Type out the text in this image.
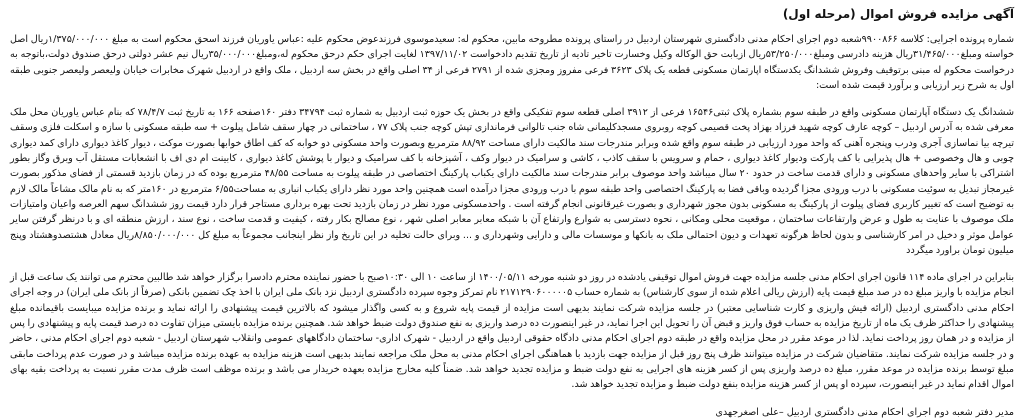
آگهی مزایده فروش اموال (مرحله اول)

شماره پرونده اجرایی: کلاسه ۹۹۰۰۸۶۶شعبه دوم اجرای احکام مدنی دادگستری شهرستان اردبیل در راستای پرونده مطروحه مابین، محکوم له: سعیدموسوی فرزندعوض محکوم علیه :عباس یاوریان فرزند اسحق محکوم است به مبلغ ۱/۳۷۵/۰۰۰/۰۰۰ریال اصل خواسته ومبلغ۳۱/۴۶۵/۰۰۰ریال هزینه دادرسی ومبلغ۵۳/۲۵۰/۰۰۰ریال ازبابت حق الوکاله وکیل وخسارت تاخیر تادیه از تاریخ تقدیم دادخواست ۱۳۹۷/۱۱/۰۲ لغایت اجرای حکم درحق محکوم له،ومبلغ۳۵/۰۰۰/۰۰۰ریال نیم عشر دولتی درحق صندوق دولت،باتوجه به درخواست محکوم له مبنی برتوقیف وفروش ششدانگ یکدستگاه اپارتمان مسکونی قطعه یک پلاک ۳۶۲۳ فرعی مفروز ومجزی شده از ۲۷۹۱ فرعی از ۳۴ اصلی واقع در بخش سه اردبیل ، ملک واقع در اردبیل شهرک مخابرات خیابان ولیعصر ولیعصر جنوبی طبقه اول به شرح زیر ارزیابی و برآورد قیمت شده است:

ششدانگ یک دستگاه آپارتمان مسکونی واقع در طبقه سوم بشماره پلاک ثبتی۱۶۵۴۶ فرعی از ۳۹۱۲ اصلی قطعه سوم تفکیکی واقع در بخش یک حوزه ثبت اردبیل به شماره ثبت ۳۴۷۹۴ دفتر ۱۶۰صفحه ۱۶۶ به تاریخ ثبت ۷۸/۴/۷ که بنام عباس یاوریان محل ملک معرفی شده به آدرس اردبیل – کوچه عارف کوچه شهید فرزاد بهزاد پخت قصیمی کوچه روبروی مسجدکلیمانی شاه جنب تالوانی فرماندازی تپش کوچه جنب پلاک ۷۷ ، ساختمانی در چهار سقف شامل پیلوت + سه طبقه مسکونی با سازه و اسکلت فلزی وسقف تیرچه بیا نماسازی آجری ودرب وپنجره آهنی که واحد مورد ارزیابی در طبقه سوم واقع شده وبرابر مندرجات سند مالکیت دارای مساحت ۸۸/۹۲ مترمربع وبصورت واحد مسکونی دو خوابه که کف اطاق خوابها بصورت موکت ، دیوار کاغذ دیواری دارای کمد دیواری چوبی و هال وخصوصی + هال پذیرایی با کف پارکت ودیوار کاغذ دیواری ، حمام و سرویس با سقف کاذب ، کاشی و سرامیک در دیوار وکف ، آشپزخانه با کف سرامیک و دیوار با پوشش کاغذ دیواری ، کابینت ام دی اف با انشعابات مستقل آب وبرق وگاز بطور اشتراکی با سایر واحدهای مسکونی و دارای قدمت ساخت در حدود ۲۰ سال میباشد واحد موصوف برابر مندرجات سند مالکیت دارای یکباب پارکینگ اختصاصی در طبقه پیلوت به مساحت ۴۸/۵۵ مترمربع بوده که در زمان بازدید قسمتی از فضای مذکور بصورت غیرمجاز تبدیل به سوئیت مسکونی با درب ورودی مجزا گردیده وباقی فضا به پارکینگ اختصاصی واحد طبقه سوم با درب ورودی مجزا درآمده است همچنین واحد مورد نظر دارای یکباب انباری به مساحت۶/۵۵ مترمربع در ۱۶۰متر که به نام مالک مشاعاً مالک لازم به توضیح است که تغییر کاربری فضای پیلوت از پارکینگ به مسکونی بدون مجوز شهرداری و بصورت غیرقانونی انجام گرفته است . واحدمسکونی مورد نظر در زمان بازدید تحت بهره برداری مستاجر قرار دارد قیمت روز ششدانگ سهم العرصه واعیان وامتیازات ملک موصوف با عنایت به طول و عرض وارتفاعات ساختمان ، موقعیت محلی ومکانی ، نحوه دسترسی به شوارع وارتفاع آن با شبکه معابر معابر اصلی شهر ، نوع مصالح بکار رفته ، کیفیت و قدمت ساخت ، نوع سند ، ارزش منطقه ای و با درنظر گرفتن سایر عوامل موثر و دخیل در امر کارشناسی و بدون لحاظ هرگونه تعهدات و دیون احتمالی ملک به بانکها و موسسات مالی و دارایی وشهرداری و ... وبرای حالت تخلیه در این تاریخ واز نظر اینجانب مجموعاً به مبلغ کل ۸/۸۵۰/۰۰۰/۰۰۰ریال معادل هشتصدوهشتاد وپنج میلیون تومان براورد میگردد

بنابراین در اجرای ماده ۱۱۴ قانون اجرای احکام مدنی جلسه مزایده جهت فروش اموال توقیفی یادشده در روز دو شنبه مورخه ۱۴۰۰/۰۵/۱۱ از ساعت ۱۰ الی ۱۰:۳۰صبح با حضور نماینده محترم دادسرا برگزار خواهد شد طالبین محترم می توانند یک ساعت قبل از انجام مزایده با واریز مبلغ ده در صد مبلغ قیمت پایه (ارزش ریالی اعلام شده از سوی کارشناس) به شماره حساب ۲۱۷۱۲۹۰۶۰۰۰۰۰۵ نام تمرکز وجوه سپرده دادگستری اردبیل نزد بانک ملی ایران با اخذ چک تضمین بانکی (صرفاً از بانک ملی ایران) در وجه اجرای احکام مدنی دادگستری اردبیل (ارائه فیش واریزی و کارت شناسایی معتبر) در جلسه مزایده شرکت نمایند بدیهی است مزایده از قیمت پایه شروع و به کسی واگذار میشود که بالاترین قیمت پیشنهادی را ارائه نماید و برنده مزایده میبایست باقیمانده مبلغ پیشنهادی را حداکثر ظرف یک ماه از تاریخ مزایده به حساب فوق واریز و قبض آن را تحویل این اجرا نماید، در غیر اینصورت ده درصد واریزی به نفع صندوق دولت ضبط خواهد شد. همچنین برنده مزایده بایستی میزان تفاوت ده درصد قیمت پایه و پیشنهادی را پس از مزایده و در همان روز پرداخت نماید. لذا در موعد مقرر در محل مزایده واقع در طبقه دوم اجرای احکام مدنی دادگاه حقوقی اردبیل واقع در اردبیل - شهرک اداری- ساختمان دادگاههای عمومی وانقلاب شهرستان اردبیل - شعبه دوم اجرای احکام مدنی ، حاضر و در جلسه مزایده شرکت نمایند. متقاضیان شرکت در مزایده میتوانند ظرف پنج روز قبل از مزایده جهت بازدید با هماهنگی اجرای احکام مدنی به محل ملک مراجعه نمایند بدیهی است هزینه مزایده به عهده برنده مزایده میباشد و در صورت عدم پرداخت مابقی مبلغ توسط برنده مزایده در موعد مقرر، مبلغ ده درصد واریزی پس از کسر هزینه های اجرایی به نفع دولت ضبط و مزایده تجدید خواهد شد. ضمناً کلیه مخارج مزایده بعهده خریدار می باشد و برنده موظف است ظرف مدت مقرر نسبت به پرداخت بقیه بهای اموال اقدام نماید در غیر اینصورت، سپرده او پس از کسر هزینه مزایده بنفع دولت ضبط و مزایده تجدید خواهد شد.

مدیر دفتر شعبه دوم اجرای احکام مدنی دادگستری اردبیل –علی اصغرجهدی
